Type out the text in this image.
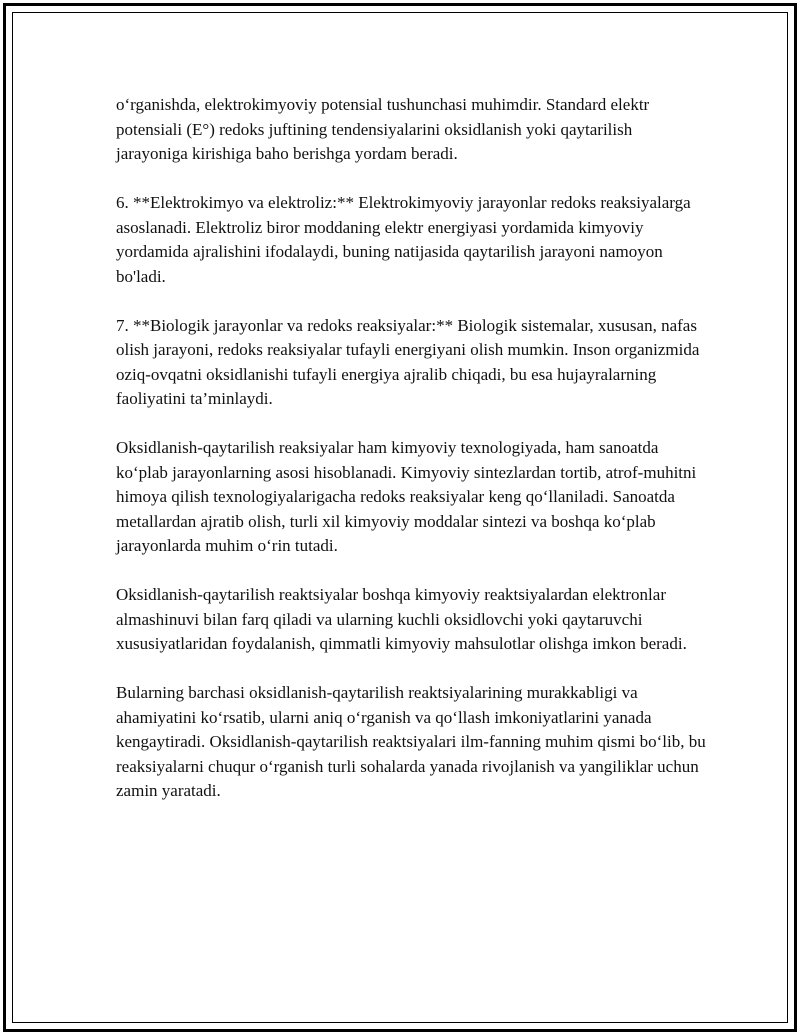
o‘rganishda, elektrokimyoviy potensial tushunchasi muhimdir. Standard elektr potensiali (E°) redoks juftining tendensiyalarini oksidlanish yoki qaytarilish jarayoniga kirishiga baho berishga yordam beradi.

6. **Elektrokimyo va elektroliz:** Elektrokimyoviy jarayonlar redoks reaksiyalarga asoslanadi. Elektroliz biror moddaning elektr energiyasi yordamida kimyoviy yordamida ajralishini ifodalaydi, buning natijasida qaytarilish jarayoni namoyon bo'ladi.

7. **Biologik jarayonlar va redoks reaksiyalar:** Biologik sistemalar, xususan, nafas olish jarayoni, redoks reaksiyalar tufayli energiyani olish mumkin. Inson organizmida oziq-ovqatni oksidlanishi tufayli energiya ajralib chiqadi, bu esa hujayralarning faoliyatini ta’minlaydi.

Oksidlanish-qaytarilish reaksiyalar ham kimyoviy texnologiyada, ham sanoatda ko‘plab jarayonlarning asosi hisoblanadi. Kimyoviy sintezlardan tortib, atrof-muhitni himoya qilish texnologiyalarigacha redoks reaksiyalar keng qo‘llaniladi. Sanoatda metallardan ajratib olish, turli xil kimyoviy moddalar sintezi va boshqa ko‘plab jarayonlarda muhim o‘rin tutadi.

Oksidlanish-qaytarilish reaktsiyalar boshqa kimyoviy reaktsiyalardan elektronlar almashinuvi bilan farq qiladi va ularning kuchli oksidlovchi yoki qaytaruvchi xususiyatlaridan foydalanish, qimmatli kimyoviy mahsulotlar olishga imkon beradi.

Bularning barchasi oksidlanish-qaytarilish reaktsiyalarining murakkabligi va ahamiyatini ko‘rsatib, ularni aniq o‘rganish va qo‘llash imkoniyatlarini yanada kengaytiradi. Oksidlanish-qaytarilish reaktsiyalari ilm-fanning muhim qismi bo‘lib, bu reaksiyalarni chuqur o‘rganish turli sohalarda yanada rivojlanish va yangiliklar uchun zamin yaratadi.
